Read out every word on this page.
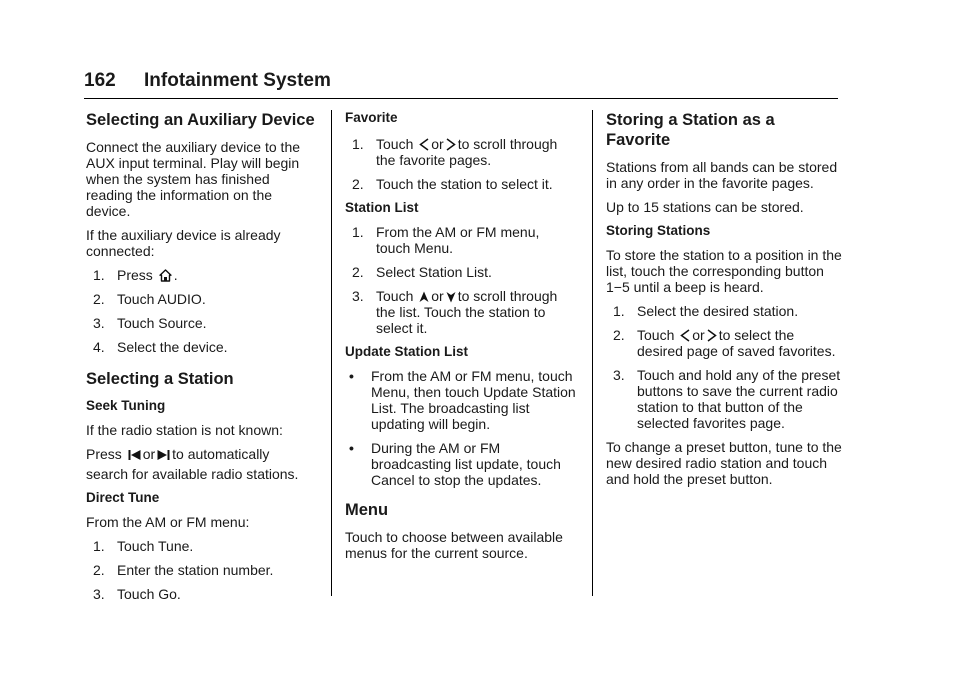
162 Infotainment System
Selecting an Auxiliary Device

Connect the auxiliary device to the AUX input terminal. Play will begin when the system has finished reading the information on the device.

If the auxiliary device is already connected:

1. Press .
2. Touch AUDIO.
3. Touch Source.
4. Select the device.
Selecting a Station
Seek Tuning

If the radio station is not known:

Press or to automatically

search for available radio stations.

Direct Tune

From the AM or FM menu:

1. Touch Tune.
2. Enter the station number.
3. Touch Go.
Favorite
1. Touch or to scroll through
the favorite pages.
2. Touch the station to select it.
Station List
1. From the AM or FM menu, touch Menu.
2. Select Station List.
3. Touch or to scroll through
the list. Touch the station to select it.
Update Station List
• From the AM or FM menu, touch Menu, then touch Update Station List. The broadcasting list updating will begin.
• During the AM or FM broadcasting list update, touch Cancel to stop the updates.
Menu

Touch to choose between available menus for the current source.

Storing a Station as a Favorite

Stations from all bands can be stored in any order in the favorite pages.

Up to 15 stations can be stored.

Storing Stations

To store the station to a position in the list, touch the corresponding button 1−5 until a beep is heard.

1. Select the desired station.
2. Touch or to select the
desired page of saved favorites.
3. Touch and hold any of the preset buttons to save the current radio station to that button of the selected favorites page.

To change a preset button, tune to the new desired radio station and touch and hold the preset button.
